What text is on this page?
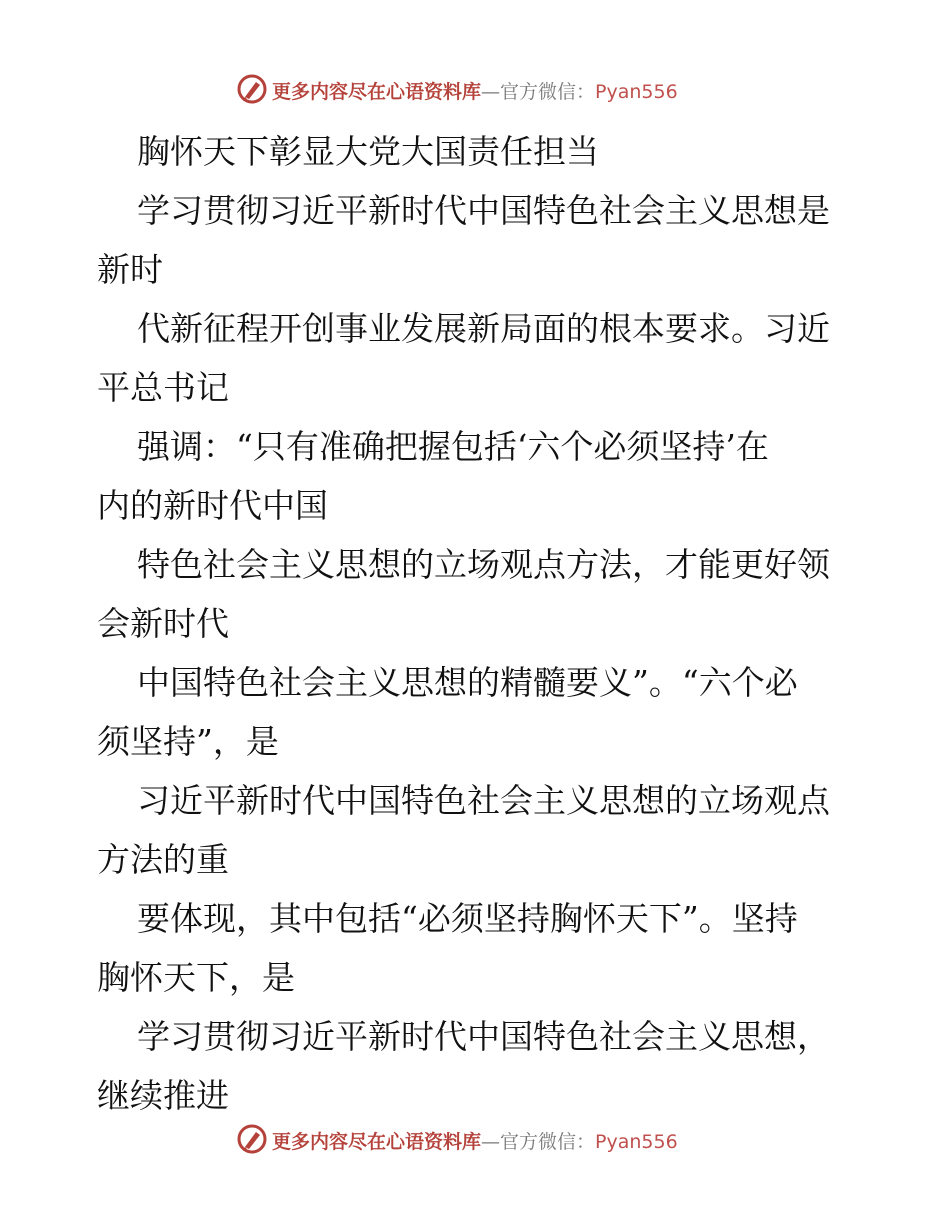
更多内容尽在心语资料库—官方微信：Pyan556
胸怀天下彰显大党大国责任担当
学习贯彻习近平新时代中国特色社会主义思想是
新时
代新征程开创事业发展新局面的根本要求。习近
平总书记
强调：“只有准确把握包括‘六个必须坚持’在
内的新时代中国
特色社会主义思想的立场观点方法，才能更好领
会新时代
中国特色社会主义思想的精髓要义”。“六个必
须坚持”，是
习近平新时代中国特色社会主义思想的立场观点
方法的重
要体现，其中包括“必须坚持胸怀天下”。坚持
胸怀天下，是
学习贯彻习近平新时代中国特色社会主义思想，
继续推进
更多内容尽在心语资料库—官方微信：Pyan556
